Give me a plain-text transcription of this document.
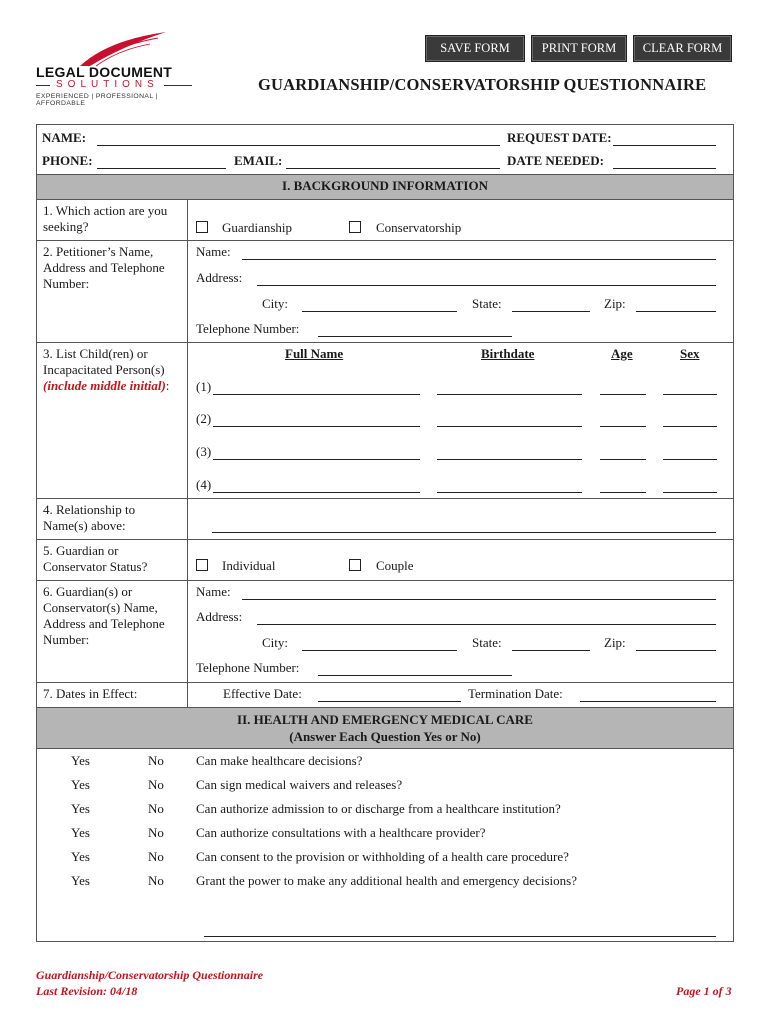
SAVE FORM	PRINT FORM	CLEAR FORM
LEGAL DOCUMENT
SOLUTIONS
EXPERIENCED | PROFESSIONAL | AFFORDABLE
GUARDIANSHIP/CONSERVATORSHIP QUESTIONNAIRE
NAME:	REQUEST DATE:
PHONE:	EMAIL:	DATE NEEDED:
I. BACKGROUND INFORMATION
1. Which action are you seeking?	Guardianship	Conservatorship
2. Petitioner’s Name, Address and Telephone Number:
Name:
Address:
City:	State:	Zip:
Telephone Number:
3. List Child(ren) or Incapacitated Person(s) (include middle initial):
Full Name	Birthdate	Age	Sex
(1)
(2)
(3)
(4)
4. Relationship to Name(s) above:
5. Guardian or Conservator Status?	Individual	Couple
6. Guardian(s) or Conservator(s) Name, Address and Telephone Number:
Name:
Address:
City:	State:	Zip:
Telephone Number:
7. Dates in Effect:	Effective Date:	Termination Date:
II. HEALTH AND EMERGENCY MEDICAL CARE
(Answer Each Question Yes or No)
Yes	No Can make healthcare decisions?
Yes	No Can sign medical waivers and releases?
Yes	No Can authorize admission to or discharge from a healthcare institution?
Yes	No Can authorize consultations with a healthcare provider?
Yes	No Can consent to the provision or withholding of a health care procedure?
Yes	No Grant the power to make any additional health and emergency decisions?
Guardianship/Conservatorship Questionnaire
Last Revision: 04/18	Page 1 of 3
